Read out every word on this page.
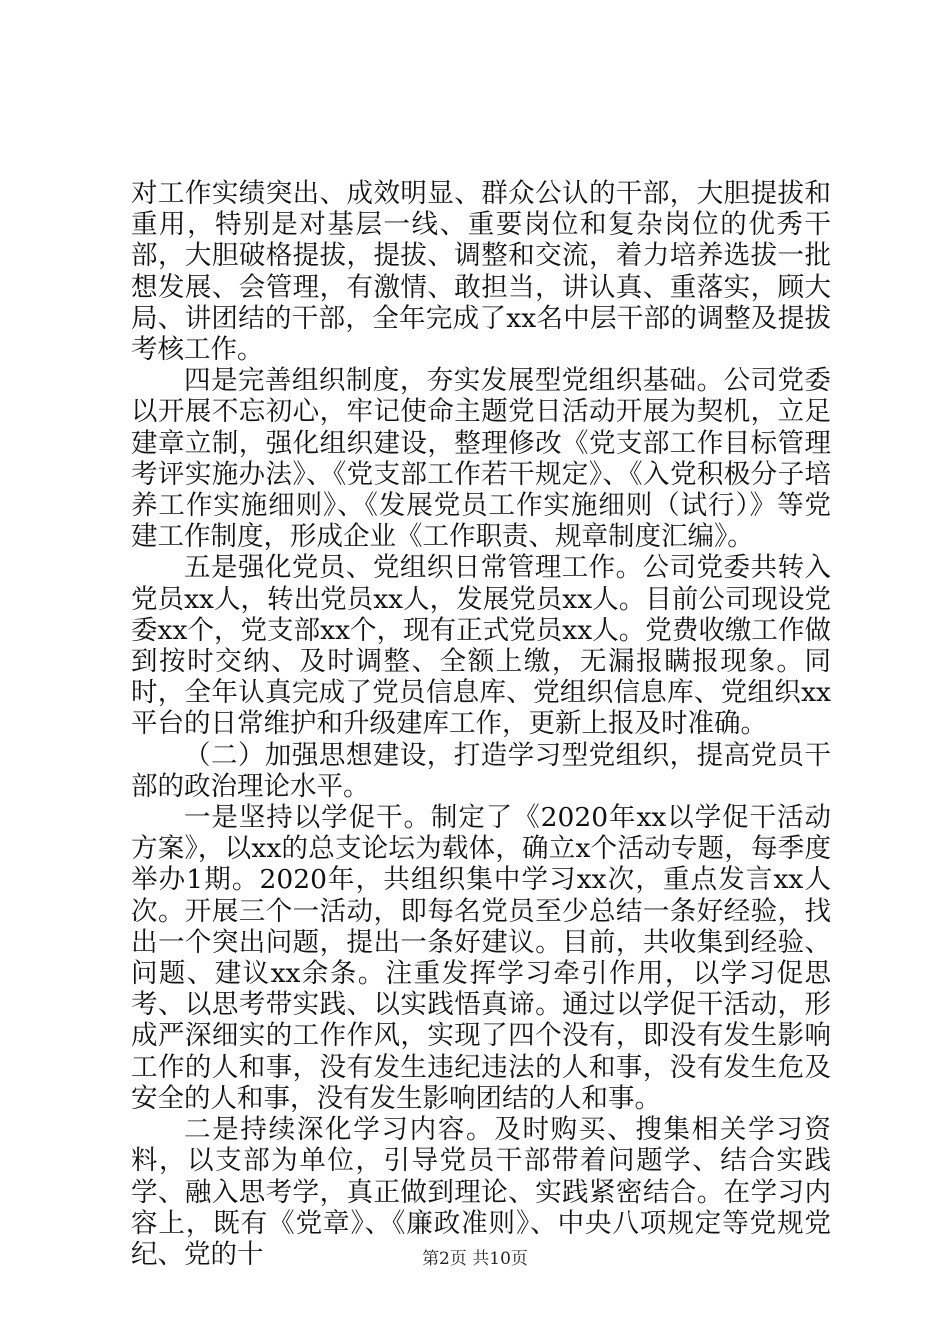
对工作实绩突出、成效明显、群众公认的干部，大胆提拔和重用，特别是对基层一线、重要岗位和复杂岗位的优秀干部，大胆破格提拔，提拔、调整和交流，着力培养选拔一批想发展、会管理，有激情、敢担当，讲认真、重落实，顾大局、讲团结的干部，全年完成了xx名中层干部的调整及提拔考核工作。

四是完善组织制度，夯实发展型党组织基础。公司党委以开展不忘初心，牢记使命主题党日活动开展为契机，立足建章立制，强化组织建设，整理修改《党支部工作目标管理考评实施办法》、《党支部工作若干规定》、《入党积极分子培养工作实施细则》、《发展党员工作实施细则（试行）》等党建工作制度，形成企业《工作职责、规章制度汇编》。

五是强化党员、党组织日常管理工作。公司党委共转入党员xx人，转出党员xx人，发展党员xx人。目前公司现设党委xx个，党支部xx个，现有正式党员xx人。党费收缴工作做到按时交纳、及时调整、全额上缴，无漏报瞒报现象。同时，全年认真完成了党员信息库、党组织信息库、党组织xx平台的日常维护和升级建库工作，更新上报及时准确。

（二）加强思想建设，打造学习型党组织，提高党员干部的政治理论水平。

一是坚持以学促干。制定了《2020年xx以学促干活动方案》，以xx的总支论坛为载体，确立x个活动专题，每季度举办1期。2020年，共组织集中学习xx次，重点发言xx人次。开展三个一活动，即每名党员至少总结一条好经验，找出一个突出问题，提出一条好建议。目前，共收集到经验、问题、建议xx余条。注重发挥学习牵引作用，以学习促思考、以思考带实践、以实践悟真谛。通过以学促干活动，形成严深细实的工作作风，实现了四个没有，即没有发生影响工作的人和事，没有发生违纪违法的人和事，没有发生危及安全的人和事，没有发生影响团结的人和事。

二是持续深化学习内容。及时购买、搜集相关学习资料，以支部为单位，引导党员干部带着问题学、结合实践学、融入思考学，真正做到理论、实践紧密结合。在学习内容上，既有《党章》、《廉政准则》、中央八项规定等党规党纪、党的十	第2页 共10页
